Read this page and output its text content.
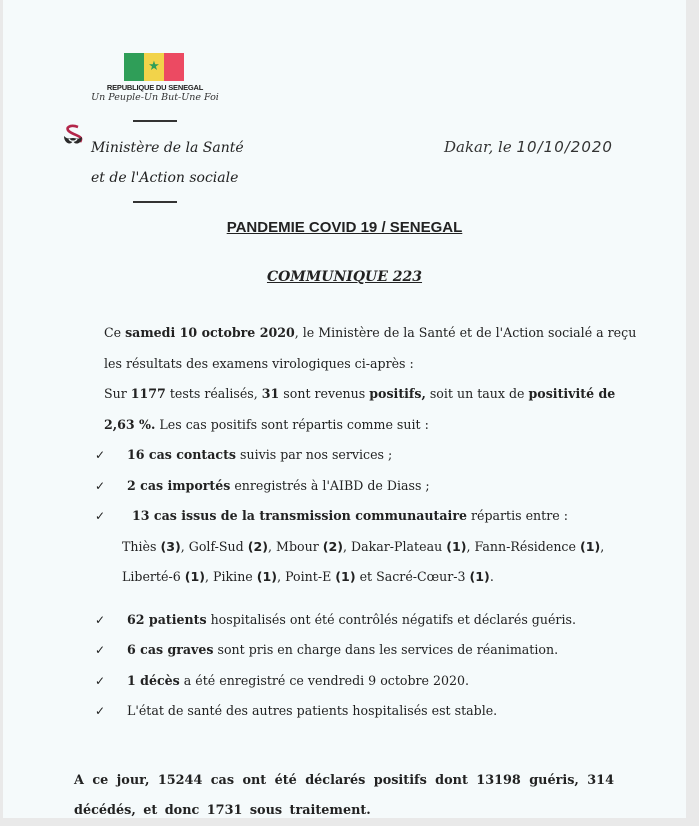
★
REPUBLIQUE DU SENEGAL
Un Peuple-Un But-Une Foi
Ministère de la Santé
et de l'Action sociale
Dakar, le 10/10/2020
PANDEMIE COVID 19 / SENEGAL
COMMUNIQUE 223

Ce samedi 10 octobre 2020, le Ministère de la Santé et de l'Action socialé a reçu les résultats des examens virologiques ci-après :

Sur 1177 tests réalisés, 31 sont revenus positifs, soit un taux de positivité de 2,63 %. Les cas positifs sont répartis comme suit :

✓ 16 cas contacts suivis par nos services ;
✓ 2 cas importés enregistrés à l'AIBD de Diass ;
✓ 13 cas issus de la transmission communautaire répartis entre :
Thiès (3), Golf-Sud (2), Mbour (2), Dakar-Plateau (1), Fann-Résidence (1), Liberté-6 (1), Pikine (1), Point-E (1) et Sacré-Cœur-3 (1).
✓ 62 patients hospitalisés ont été contrôlés négatifs et déclarés guéris.
✓ 6 cas graves sont pris en charge dans les services de réanimation.
✓ 1 décès a été enregistré ce vendredi 9 octobre 2020.
✓ L'état de santé des autres patients hospitalisés est stable.
A ce jour, 15244 cas ont été déclarés positifs dont 13198 guéris, 314 décédés, et donc 1731 sous traitement.
